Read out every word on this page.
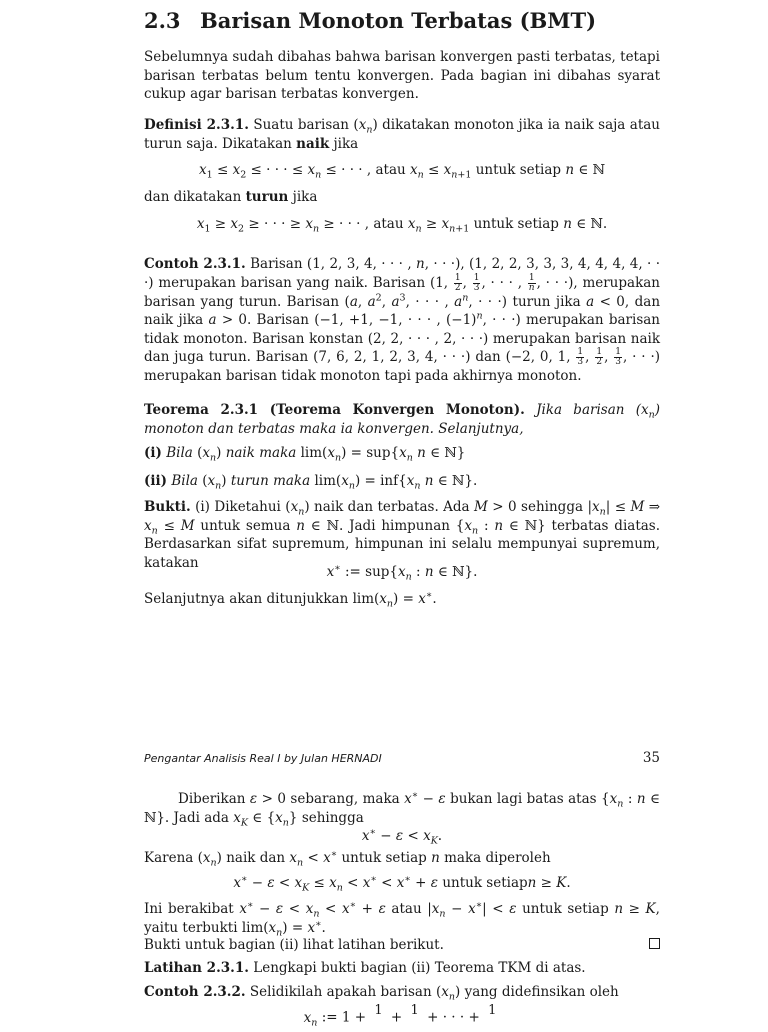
2.3 Barisan Monoton Terbatas (BMT)
Sebelumnya sudah dibahas bahwa barisan konvergen pasti terbatas, tetapi barisan terbatas belum tentu konvergen. Pada bagian ini dibahas syarat cukup agar barisan terbatas konvergen.
Definisi 2.3.1. Suatu barisan $(x_n)$ dikatakan monoton jika ia naik saja atau turun saja. Dikatakan naik jika
$x_1 \le x_2$ ≤ · · · ≤ $x_n$ ≤ · · · , atau $x_n \le x_{n+1}$ untuk setiap n ∈ ℕ
dan dikatakan turun jika
$x_1 \ge x_2$ ≥ · · · ≥ $x_n$ ≥ · · · , atau $x_n \ge x_{n+1}$ untuk setiap n ∈ ℕ.
Contoh 2.3.1. Barisan (1, 2, 3, 4, · · · , n, · · ·), (1, 2, 2, 3, 3, 3, 4, 4, 4, 4, · · ·) merupakan barisan yang naik. Barisan (1, $\frac{1}{2}$ , $\frac{1}{3}$ , · · · , $\frac{1}{n}$ , · · ·), merupakan barisan yang turun. Barisan (a, $a^2$, $a^3$, · · · , $a^n$, · · ·) turun jika a < 0, dan naik jika a > 0. Barisan (−1, +1, −1, · · · , $(-1)^n$, · · ·) merupakan barisan tidak monoton. Barisan konstan (2, 2, · · · , 2, · · ·) merupakan barisan naik dan juga turun. Barisan (7, 6, 2, 1, 2, 3, 4, · · ·) dan (−2, 0, 1, $\frac{1}{3}$ , $\frac{1}{2}$ , $\frac{1}{3}$ , · · ·) merupakan barisan tidak monoton tapi pada akhirnya monoton.
Teorema 2.3.1 (Teorema Konvergen Monoton). Jika barisan $(x_n)$ monoton dan terbatas maka ia konvergen. Selanjutnya,
(i) Bila $(x_n)$ naik maka $\lim(x_n) = sup\{x_n$ n ∈ ℕ}
(ii) Bila $(x_n)$ turun maka $\lim(x_n) = inf\{x_n$ n ∈ ℕ}.
Bukti. (i) Diketahui $(x_n)$ naik dan terbatas. Ada M > 0 sehingga $|x_n| \le M$ ⇒ $x_n \le M$ untuk semua n ∈ ℕ. Jadi himpunan {$x_n$ : n ∈ ℕ} terbatas diatas. Berdasarkan sifat supremum, himpunan ini selalu mempunyai supremum, katakan
x∗ := $sup\{x_n$ : n ∈ ℕ}.
Selanjutnya akan ditunjukkan $\lim(x_n) = x^∗$.
Pengantar Analisis Real I by Julan HERNADI	35
Diberikan ε > 0 sebarang, maka x∗ − ε bukan lagi batas atas {$x_n$ : n ∈ ℕ}. Jadi ada $x_K$ ∈ $\{x_n\}$ sehingga
$x^∗ - \varepsilon < x_K$.
Karena $(x_n)$ naik dan $x_n < x^∗$ untuk setiap n maka diperoleh
$x^∗ - \varepsilon < x_K \le x_n < x^∗ < x^∗ + \varepsilon$ untuk setiapn ≥ K.
Ini berakibat $x^∗ - \varepsilon < x_n < x^∗ + \varepsilon$ atau $|x_n - x^∗| < \varepsilon$ untuk setiap n ≥ K, yaitu terbukti $\lim(x_n) = x^∗$.
Bukti untuk bagian (ii) lihat latihan berikut.
Latihan 2.3.1. Lengkapi bukti bagian (ii) Teorema TKM di atas.
Contoh 2.3.2. Selidikilah apakah barisan $(x_n)$ yang didefinsikan oleh
$x_n$ := 1 + 1
+ 1
+ · · · + 1
